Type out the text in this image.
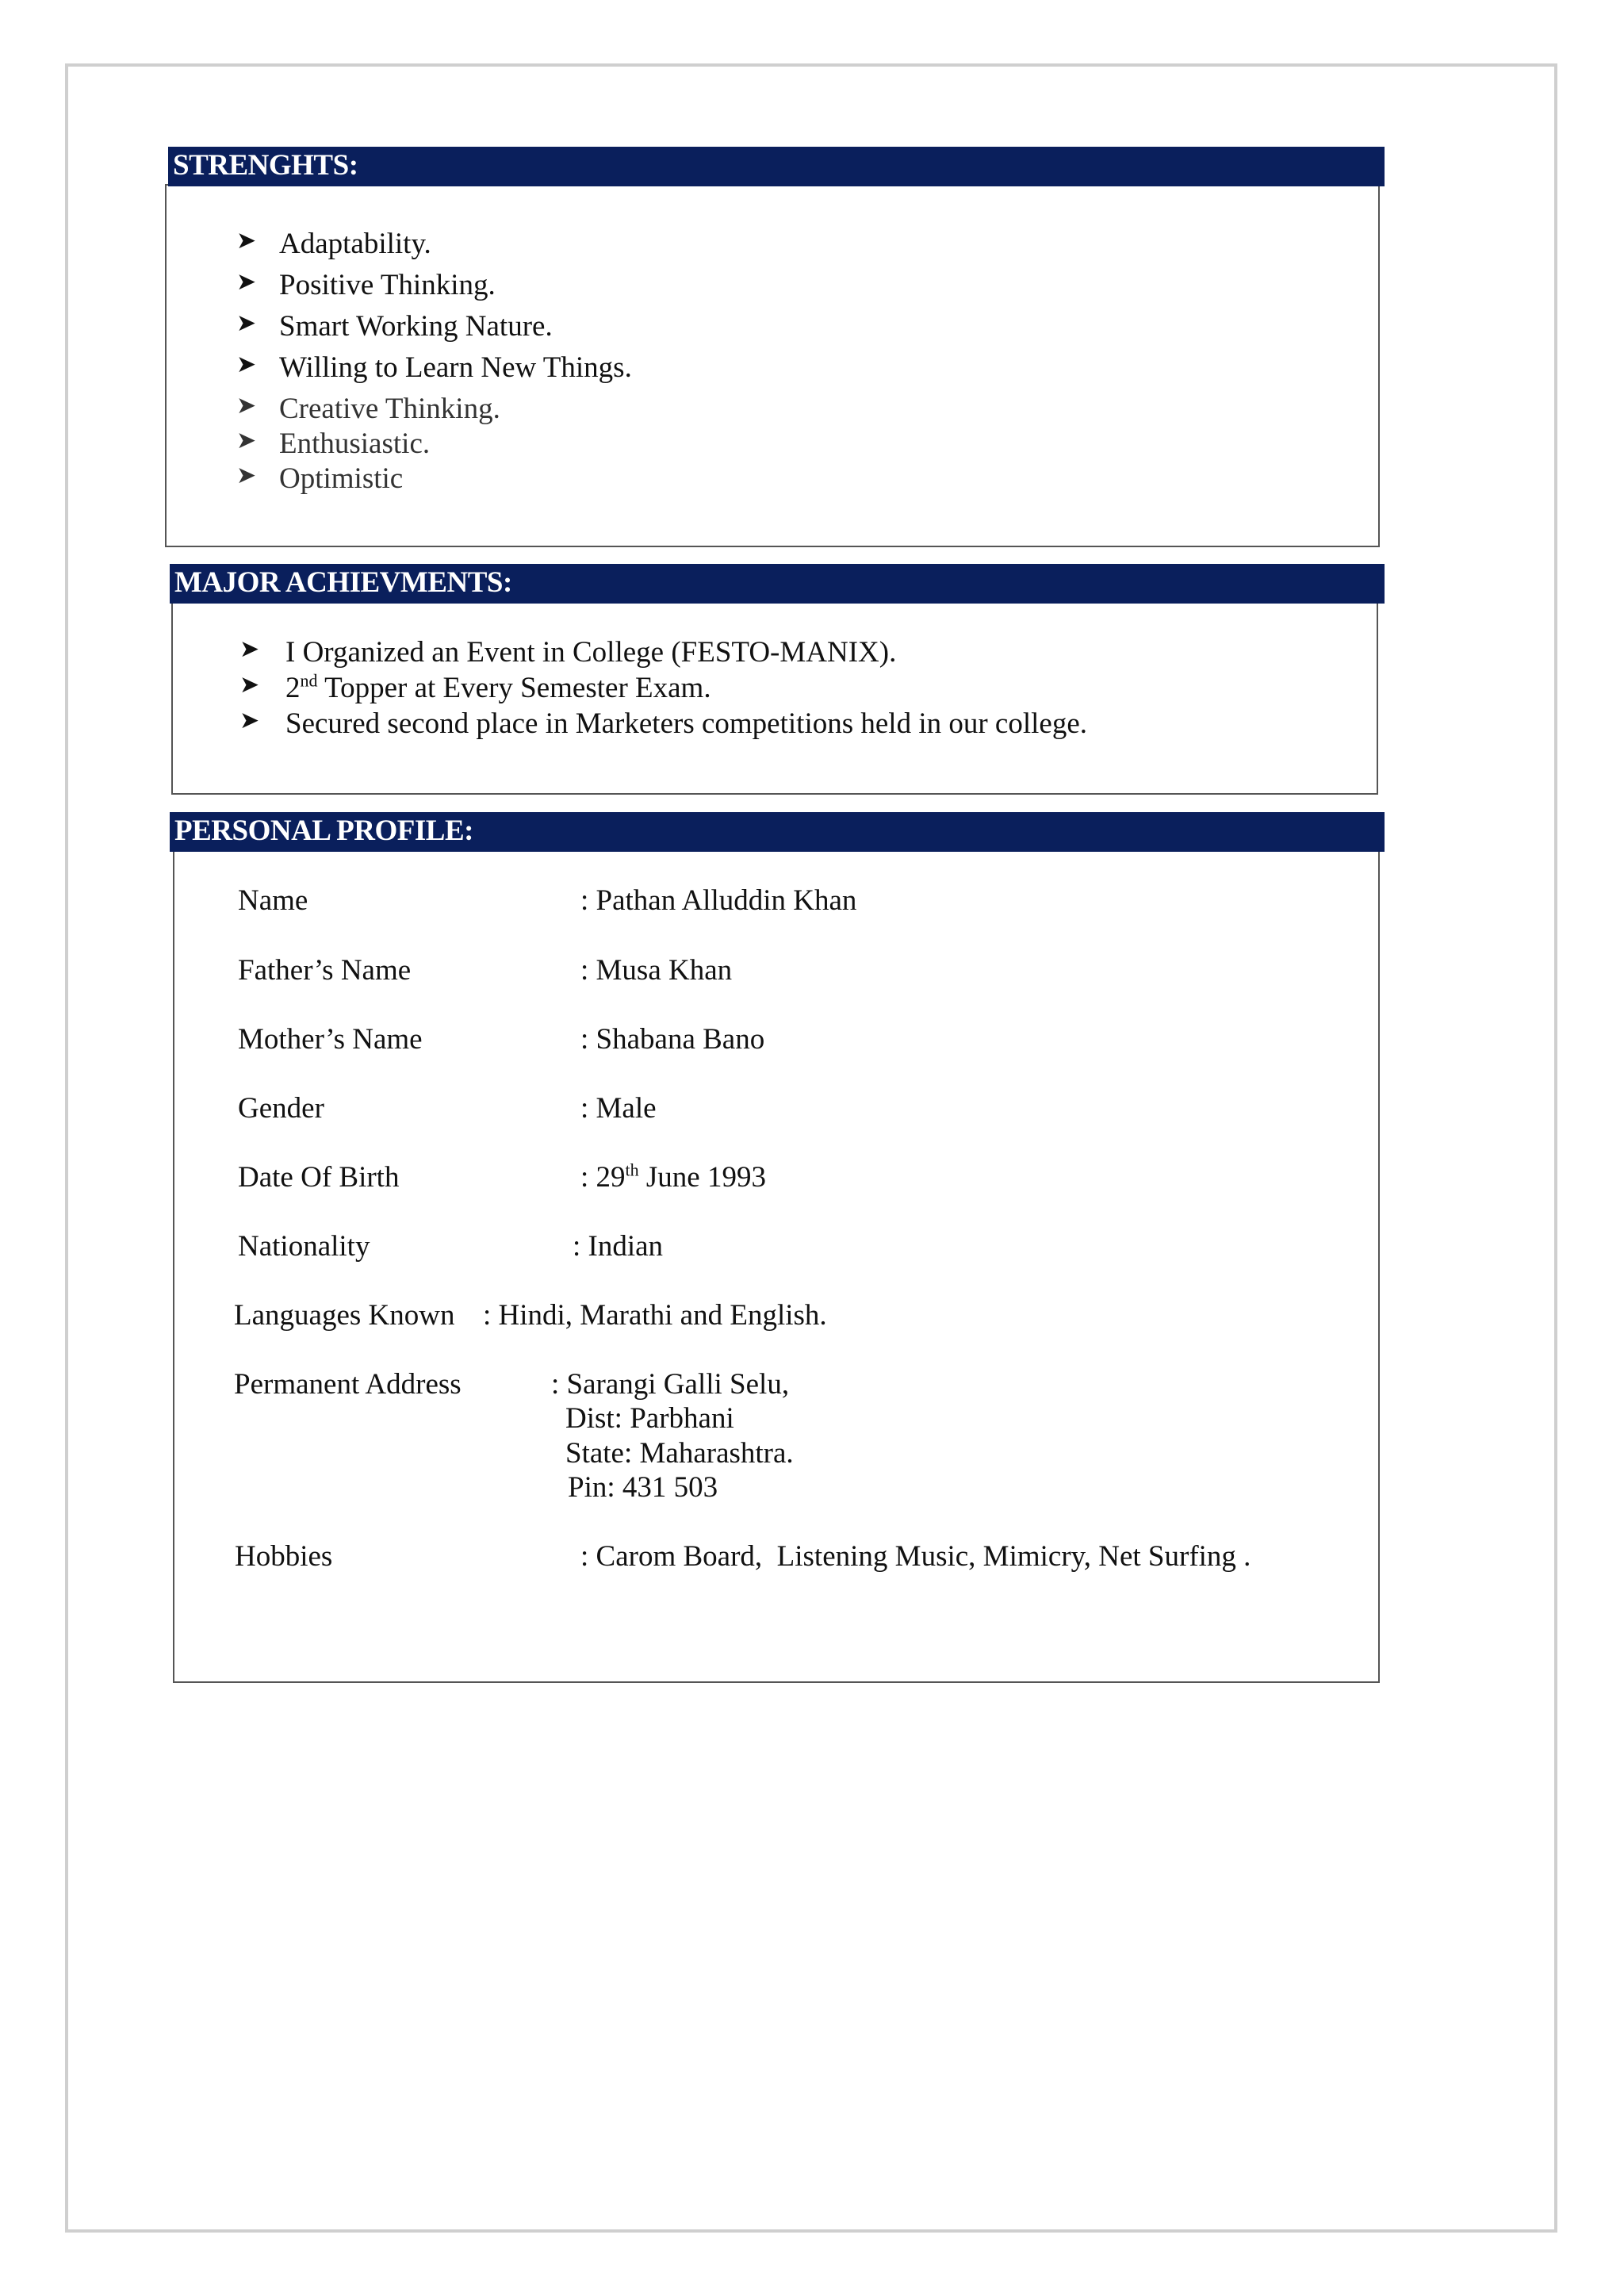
STRENGHTS:
➤ Adaptability.
➤ Positive Thinking.
➤ Smart Working Nature.
➤ Willing to Learn New Things.
➤ Creative Thinking.
➤ Enthusiastic.
➤ Optimistic
MAJOR ACHIEVMENTS:
➤ I Organized an Event in College (FESTO-MANIX).
➤ 2nd Topper at Every Semester Exam.
➤ Secured second place in Marketers competitions held in our college.
PERSONAL PROFILE:
Name	: Pathan Alluddin Khan
Father’s Name	: Musa Khan
Mother’s Name	: Shabana Bano
Gender	: Male
Date Of Birth	: 29th June 1993
Nationality	: Indian
Languages Known : Hindi, Marathi and English.
Permanent Address	: Sarangi Galli Selu,
Dist: Parbhani
State: Maharashtra.
Pin: 431 503
Hobbies	: Carom Board,  Listening Music, Mimicry, Net Surfing .
